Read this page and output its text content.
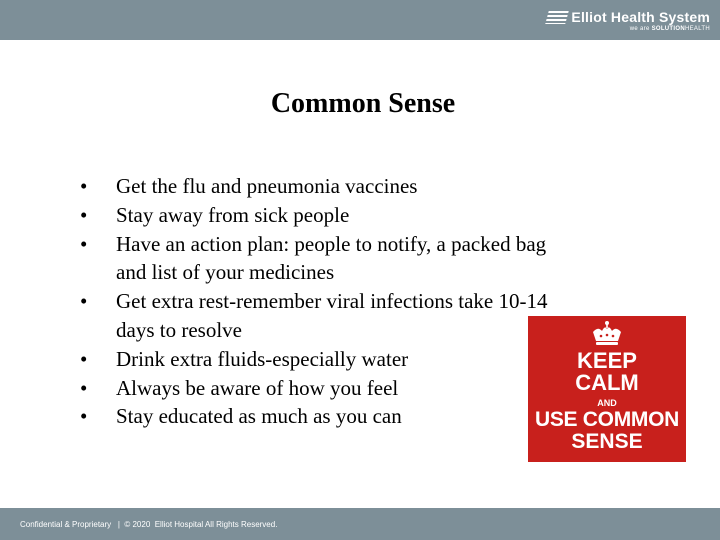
Elliot Health System
we are SOLUTIONHEALTH
Common Sense
• Get the flu and pneumonia vaccines
• Stay away from sick people
• Have an action plan: people to notify, a packed bag and list of your medicines
• Get extra rest-remember viral infections take 10-14 days to resolve
• Drink extra fluids-especially water
• Always be aware of how you feel
• Stay educated as much as you can
KEEP
CALM
AND
USE COMMON
SENSE
Confidential & Proprietary   |  © 2020  Elliot Hospital All Rights Reserved.
